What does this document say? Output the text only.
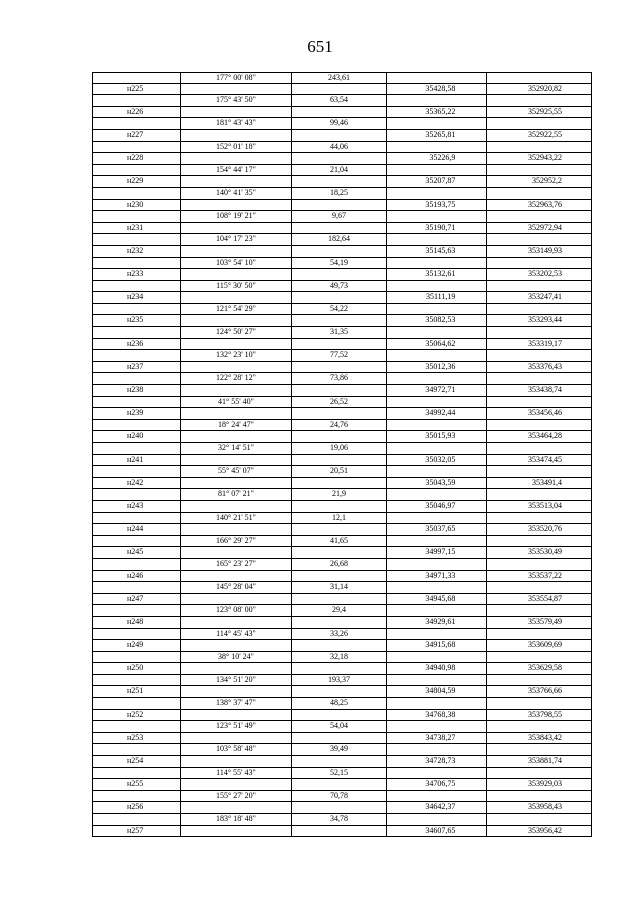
651
177° 00' 08"	243,61
н225	35428,58	352920,82
175° 43' 50"	63,54
н226	35365,22	352925,55
181° 43' 43"	99,46
н227	35265,81	352922,55
152° 01' 18"	44,06
н228	35226,9	352943,22
154° 44' 17"	21,04
н229	35207,87	352952,2
140° 41' 35"	18,25
н230	35193,75	352963,76
108° 19' 21"	9,67
н231	35190,71	352972,94
104° 17' 23"	182,64
н232	35145,63	353149,93
103° 54' 10"	54,19
н233	35132,61	353202,53
115° 30' 50"	49,73
н234	35111,19	353247,41
121° 54' 29"	54,22
н235	35082,53	353293,44
124° 50' 27"	31,35
н236	35064,62	353319,17
132° 23' 10"	77,52
н237	35012,36	353376,43
122° 28' 12"	73,86
н238	34972,71	353438,74
41° 55' 40"	26,52
н239	34992,44	353456,46
18° 24' 47"	24,76
н240	35015,93	353464,28
32° 14' 51"	19,06
н241	35032,05	353474,45
55° 45' 07"	20,51
н242	35043,59	353491,4
81° 07' 21"	21,9
н243	35046,97	353513,04
140° 21' 51"	12,1
н244	35037,65	353520,76
166° 29' 27"	41,65
н245	34997,15	353530,49
165° 23' 27"	26,68
н246	34971,33	353537,22
145° 28' 04"	31,14
н247	34945,68	353554,87
123° 08' 00"	29,4
н248	34929,61	353579,49
114° 45' 43"	33,26
н249	34915,68	353609,69
38° 10' 24"	32,18
н250	34940,98	353629,58
134° 51' 20"	193,37
н251	34804,59	353766,66
138° 37' 47"	48,25
н252	34768,38	353798,55
123° 51' 49"	54,04
н253	34738,27	353843,42
103° 58' 48"	39,49
н254	34728,73	353881,74
114° 55' 43"	52,15
н255	34706,75	353929,03
155° 27' 20"	70,78
н256	34642,37	353958,43
183° 18' 48"	34,78
н257	34607,65	353956,42
